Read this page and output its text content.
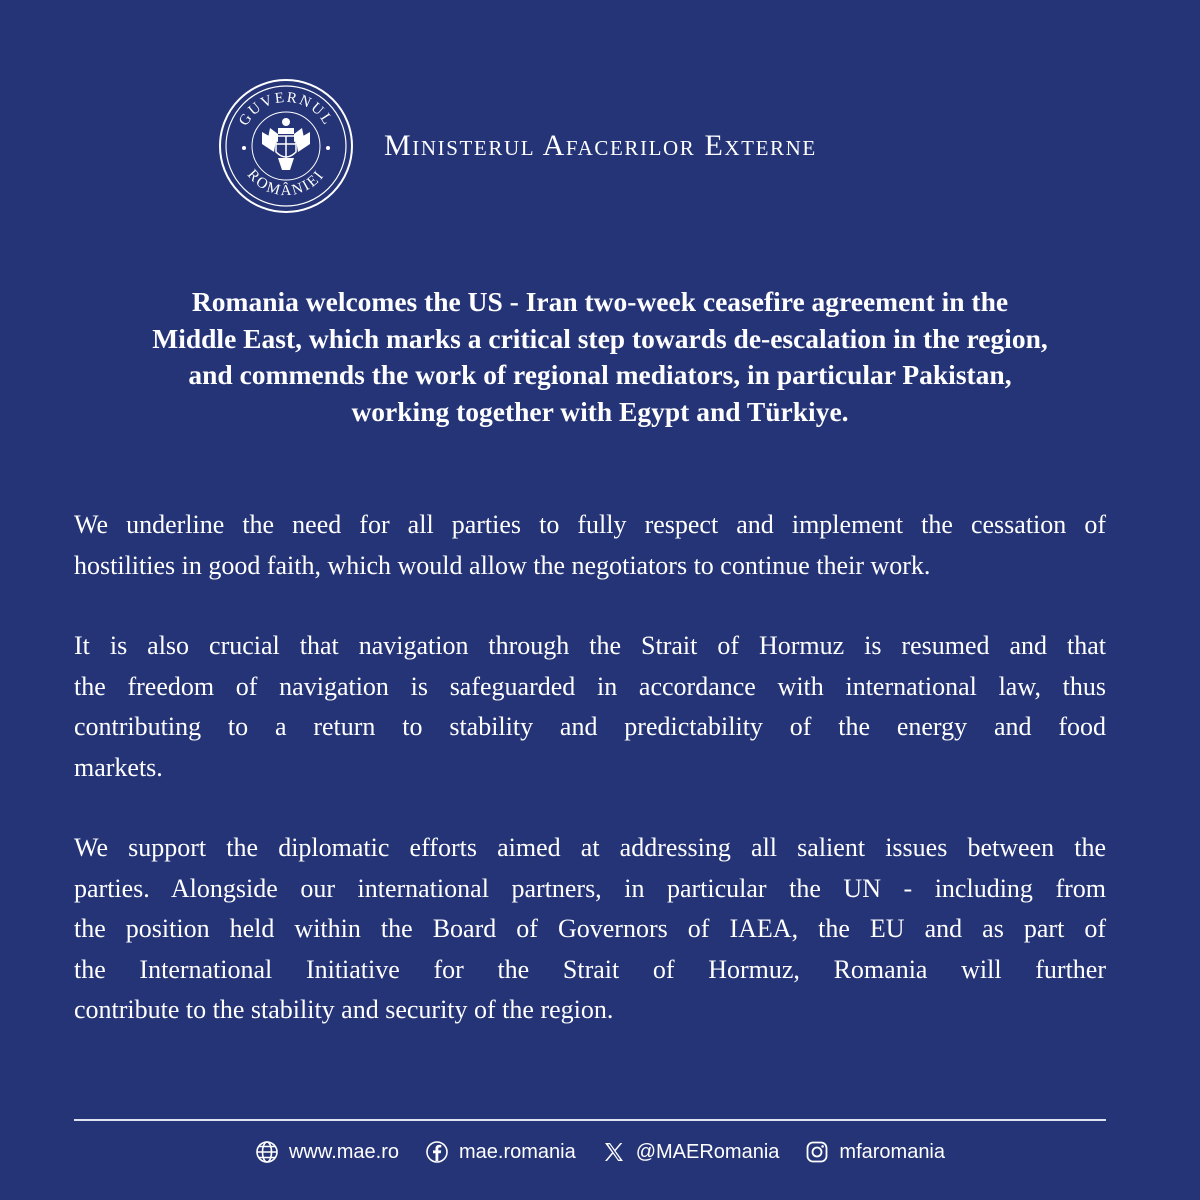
GUVERNUL
ROMÂNIEI
Ministerul Afacerilor Externe
Romania welcomes the US - Iran two-week ceasefire agreement in the
Middle East, which marks a critical step towards de-escalation in the region,
and commends the work of regional mediators, in particular Pakistan,
working together with Egypt and Türkiye.
We underline the need for all parties to fully respect and implement the cessation of
hostilities in good faith, which would allow the negotiators to continue their work.
It is also crucial that navigation through the Strait of Hormuz is resumed and that
the freedom of navigation is safeguarded in accordance with international law, thus
contributing to a return to stability and predictability of the energy and food
markets.
We support the diplomatic efforts aimed at addressing all salient issues between the
parties. Alongside our international partners, in particular the UN - including from
the position held within the Board of Governors of IAEA, the EU and as part of
the International Initiative for the Strait of Hormuz, Romania will further
contribute to the stability and security of the region.
www.mae.ro	mae.romania	@MAERomania	mfaromania
